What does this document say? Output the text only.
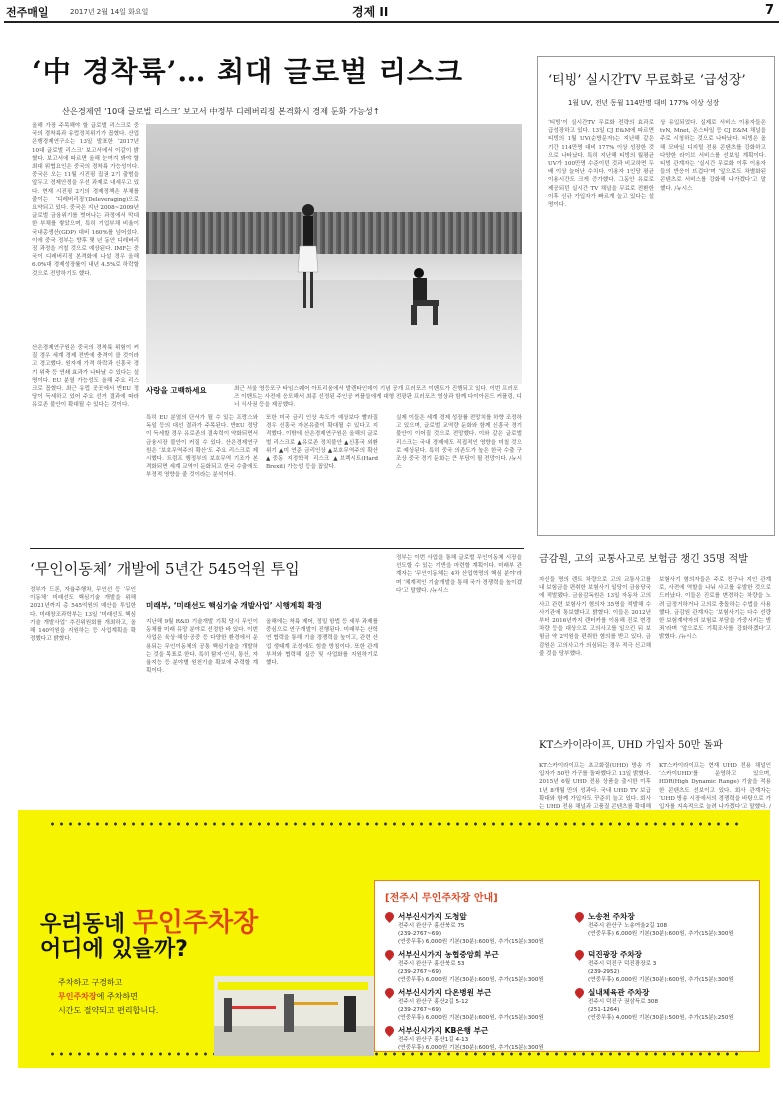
전주매일	2017년 2월 14일 화요일	경제 II	7
‘中 경착륙’… 최대 글로벌 리스크
산은경제연 ‘10대 글로벌 리스크’ 보고서 中정부 디레버리징 본격화시 경제 둔화 가능성↑
올해 가장 주목해야 할 글로벌 리스크로 중국의 경착륙과 유럽정치위기가 꼽혔다. 산업은행경제연구소는 13일 발표한 ‘2017년 10대 글로벌 리스크’ 보고서에서 이같이 밝혔다. 보고서에 따르면 올해 눈여겨 봐야 할 최대 위협요인은 중국의 경착륙 가능성이다. 중국은 오는 11월 시진핑 집권 2기 출범을 앞두고 경제안정을 우선 과제로 내세우고 있다. 현재 시진핑 2기의 경제정책은 부채를 줄이는 ‘디레버리징’(Deleveraging)으로 요약되고 있다. 중국은 지난 2008~2009년 글로벌 금융위기를 벗어나는 과정에서 막대한 부채를 쌓았으며, 특히 기업부채 비율이 국내총생산(GDP) 대비 160%를 넘어섰다. 이에 중국 정부는 향후 몇 년 동안 디레버리징 과정을 거칠 것으로 예상된다. IMF는 중국이 디레버리징 본격화에 나설 경우 올해 6.0%대 경제성장률이 내년 4.5%로 하락할 것으로 전망하기도 했다.
산은경제연구원은 중국의 경착륙 위험이 커질 경우 세계 경제 전반에 충격이 클 것이라고 경고했다. 원자재 가격 하락과 신흥국 경기 위축 등 연쇄 효과가 나타날 수 있다는 설명이다. EU 분열 가능성도 올해 주요 리스크로 꼽혔다. 최근 유럽 곳곳에서 반EU 정당이 득세하고 있어 주요 선거 결과에 따라 유로존 불안이 확대될 수 있다는 것이다.
사랑을 고백하세요	최근 서울 영등포구 타임스퀘어 아트리움에서 발렌타인데이 기념 공개 프러포즈 이벤트가 진행되고 있다. 이번 프러포즈 이벤트는 사전에 응모해서 최종 선정된 주인공 커플들에게 대형 전광판 프러포즈 영상과 함께 다이아몬드 커플링, 디너 식사권 등을 제공했다.
특히 EU 분열의 단서가 될 수 있는 프랑스와 독일 등의 대선 결과가 주목된다. 반EU 정당이 득세할 경우 유로존의 결속력이 약화되면서 금융시장 불안이 커질 수 있다. 산은경제연구원은 ‘보호무역주의 확산’도 주요 리스크로 제시했다. 트럼프 행정부의 보호무역 기조가 본격화되면 세계 교역이 둔화되고 한국 수출에도 부정적 영향을 줄 것이라는 분석이다.
또한 미국 금리 인상 속도가 예상보다 빨라질 경우 신흥국 자본유출이 확대될 수 있다고 지적했다. 이밖에 산은경제연구원은 올해의 글로벌 리스크로 ▲유로존 정치불안 ▲신흥국 외환위기 ▲미 연준 금리인상 ▲보호무역주의 확산 ▲중동 지정학적 리스크 ▲브렉시트(Hard Brexit) 가능성 등을 꼽았다.
실제 이들은 세계 경제 성장률 전망치를 하향 조정하고 있으며, 글로벌 교역량 둔화와 함께 신흥국 경기 불안이 이어질 것으로 전망했다. 이와 같은 글로벌 리스크는 국내 경제에도 직접적인 영향을 미칠 것으로 예상된다. 특히 중국 의존도가 높은 한국 수출 구조상 중국 경기 둔화는 큰 부담이 될 전망이다. /뉴시스
‘티빙’ 실시간TV 무료화로 ‘급성장’
1월 UV, 전년 동월 114만명 대비 177% 이상 성장
‘티빙’이 실시간TV 무료화 전략의 효과로 급성장하고 있다. 13일 CJ E&M에 따르면 티빙의 1월 UV(순방문자)는 지난해 같은 기간 114만명 대비 177% 이상 성장한 것으로 나타났다. 특히 지난해 티빙의 월평균 UV가 100만명 수준이던 것과 비교하면 두 배 이상 늘어난 수치다. 이용자 1인당 평균 이용시간도 크게 증가했다. 그동안 유료로 제공되던 실시간 TV 채널을 무료로 전환한 이후 신규 가입자가 빠르게 늘고 있다는 설명이다.
상 유입되었다. 실제로 서비스 이용자들은 tvN, Mnet, 온스타일 등 CJ E&M 채널을 주로 시청하는 것으로 나타났다. 티빙은 올해 모바일 디지털 전용 콘텐츠를 강화하고 다양한 라이브 서비스를 선보일 계획이다. 티빙 관계자는 ‘실시간 무료화 이후 이용자들의 반응이 뜨겁다’며 ‘앞으로도 차별화된 콘텐츠로 서비스를 강화해 나가겠다’고 말했다. /뉴시스
금감원, 고의 교통사고로 보험금 챙긴 35명 적발
자신들 명의 렌트 차량으로 고의 교통사고를 내 보험금을 편취한 보험사기 일당이 금융당국에 적발됐다. 금융감독원은 13일 자동차 고의사고 관련 보험사기 혐의자 35명을 적발해 수사기관에 통보했다고 밝혔다. 이들은 2012년부터 2016년까지 렌터카를 이용해 진로 변경 차량 등을 대상으로 고의사고를 일으킨 뒤 보험금 약 2억원을 편취한 혐의를 받고 있다. 금감원은 고의사고가 의심되는 경우 적극 신고해 줄 것을 당부했다.
보험사기 혐의자들은 주로 친구나 지인 관계로, 사전에 역할을 나눠 사고를 유발한 것으로 드러났다. 이들은 진로를 변경하는 차량을 노려 급정거하거나 고의로 충돌하는 수법을 사용했다. 금감원 관계자는 ‘보험사기는 다수 선량한 보험계약자의 보험료 부담을 가중시키는 범죄’라며 ‘앞으로도 기획조사를 강화하겠다’고 밝혔다. /뉴시스
KT스카이라이프, UHD 가입자 50만 돌파
KT스카이라이프는 초고화질(UHD) 방송 가입자가 50만 가구를 돌파했다고 13일 밝혔다. 2015년 6월 UHD 전용 상품을 출시한 이후 1년 8개월 만의 성과다. 국내 UHD TV 보급 확대와 함께 가입자도 꾸준히 늘고 있다. 회사는 UHD 전용 채널과 고품질 콘텐츠를 확대해
KT스카이라이프는 현재 UHD 전용 채널인 ‘스카이UHD’를 운영하고 있으며, HDR(High Dynamic Range) 기술을 적용한 콘텐츠도 선보이고 있다. 회사 관계자는 ‘UHD 방송 시장에서의 경쟁력을 바탕으로 가입자를 지속적으로 늘려 나가겠다’고 말했다. /
‘무인이동체’ 개발에 5년간 545억원 투입
정부가 드론, 자율주행차, 무인선 등 ‘무인이동체’ 미래선도 핵심기술 개발을 위해 2021년까지 총 545억원의 예산을 투입한다. 미래창조과학부는 13일 ‘미래선도 핵심기술 개발사업’ 추진위원회를 개최하고, 올해 140억원을 지원하는 등 사업계획을 확정했다고 밝혔다.
미래부, ‘미래선도 핵심기술 개발사업’ 시행계획 확정
지난해 9월 R&D 기술개발 기획 당시 무인이동체를 미래 유망 분야로 선정한 바 있다. 이번 사업은 육상·해상·공중 등 다양한 환경에서 운용되는 무인이동체의 공통 핵심기술을 개발하는 것을 목표로 한다. 특히 탐지·인식, 통신, 자율지능 등 분야별 원천기술 확보에 주력할 계획이다.
올해에는 착륙 제어, 정밀 항법 등 세부 과제를 중심으로 연구개발이 진행된다. 미래부는 산학연 협력을 통해 기술 경쟁력을 높이고, 관련 산업 생태계 조성에도 힘쓸 방침이다. 또한 관계 부처와 협력해 실증 및 사업화를 지원하기로 했다.
정부는 이번 사업을 통해 글로벌 무인이동체 시장을 선도할 수 있는 기반을 마련할 계획이다. 미래부 관계자는 ‘무인이동체는 4차 산업혁명의 핵심 분야’라며 ‘체계적인 기술개발을 통해 국가 경쟁력을 높이겠다’고 말했다. /뉴시스
우리동네 무인주차장
어디에 있을까?
주차하고 구경하고
무인주차장에 주차하면
시간도 절약되고 편리합니다.
[전주시 무인주차장 안내]
서부신시가지 도청앞
전주시 완산구 홍산북로 75
(239-2767~69)
(연중무휴) 6,000원 기본(30분):600원, 추가(15분):300원
서부신시가지 농협중앙회 부근
전주시 완산구 홍산북로 53
(239-2767~69)
(연중무휴) 6,000원 기본(30분):600원, 추가(15분):300원
서부신시가지 다온병원 부근
전주시 완산구 홍산2길 5-12
(239-2767~69)
(연중무휴) 6,000원 기본(30분):600원, 추가(15분):300원
서부신시가지 KB은행 부근
전주시 완산구 홍산1길 4-13
(연중무휴) 6,000원 기본(30분):600원, 추가(15분):300원
노송천 주차장
전주시 완산구 노송여울2길 108
(연중무휴) 6,000원 기본(30분):600원, 추가(15분):300원
덕진광장 주차장
전주시 덕진구 덕진광장로 3
(239-2952)
(연중무휴) 6,000원 기본(30분):600원, 추가(15분):300원
실내체육관 주차장
전주시 덕진구 권삼득로 308
(251-1264)
(연중무휴) 4,000원 기본(30분):500원, 추가(15분):250원
